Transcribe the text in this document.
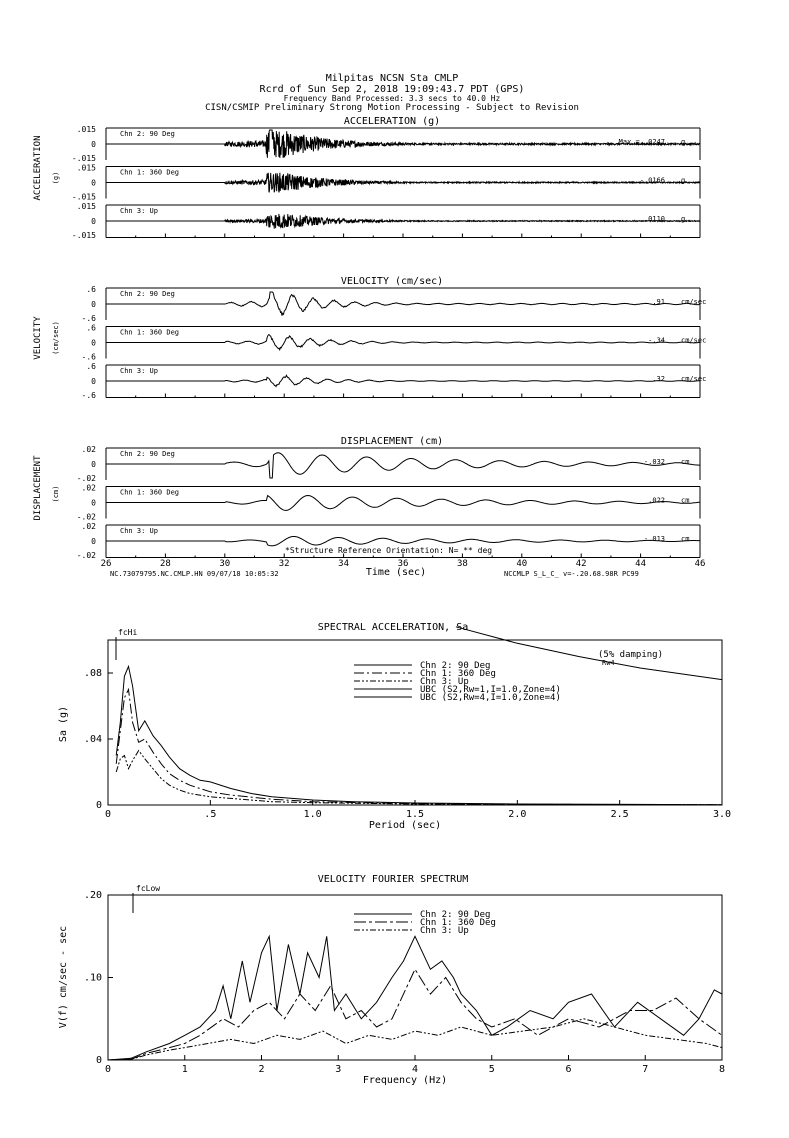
Milpitas NCSN Sta CMLP
Rcrd of Sun Sep 2, 2018 19:09:43.7 PDT (GPS)
Frequency Band Processed: 3.3 secs to 40.0 Hz
CISN/CSMIP Preliminary Strong Motion Processing - Subject to Revision
ACCELERATION (g)
ACCELERATION (g)
.015
0
-.015
Chn 2: 90 Deg
Max = .0247 g
.015
0
-.015
Chn 1: 360 Deg
-.0166 g
.015
0
-.015
Chn 3: Up
.0110 g
VELOCITY (cm/sec)
VELOCITY (cm/sec)
.6
0
-.6
Chn 2: 90 Deg
.91 cm/sec
.6
0
-.6
Chn 1: 360 Deg
-.34 cm/sec
.6
0
-.6
Chn 3: Up
.32 cm/sec
DISPLACEMENT (cm)
DISPLACEMENT (cm)
.02
0
-.02
Chn 2: 90 Deg
-.032 cm
.02
0
-.02
Chn 1: 360 Deg
.022 cm
.02
0
-.02
Chn 3: Up
-.013 cm
26	28	30	32	34	36	38	40	42	44	46
*Structure Reference Orientation: N= ** deg
Time (sec)
NC.73079795.NC.CMLP.HN 09/07/18 10:05:32	NCCMLP S_L_C_ v=-.20.68.98R PC99
SPECTRAL ACCELERATION, Sa
fcHi
(5% damping)
Rw4
Sa (g)
Period (sec)
0	.5	1.0	1.5	2.0	2.5	3.0
0
.04
.08
Chn 2: 90 Deg
Chn 1: 360 Deg
Chn 3: Up
UBC (S2,Rw=1,I=1.0,Zone=4)
UBC (S2,Rw=4,I=1.0,Zone=4)
VELOCITY FOURIER SPECTRUM
fcLow
V(f) cm/sec - sec
Frequency (Hz)
0	1	2	3	4	5	6	7	8
0
.10
.20
Chn 2: 90 Deg
Chn 1: 360 Deg
Chn 3: Up
